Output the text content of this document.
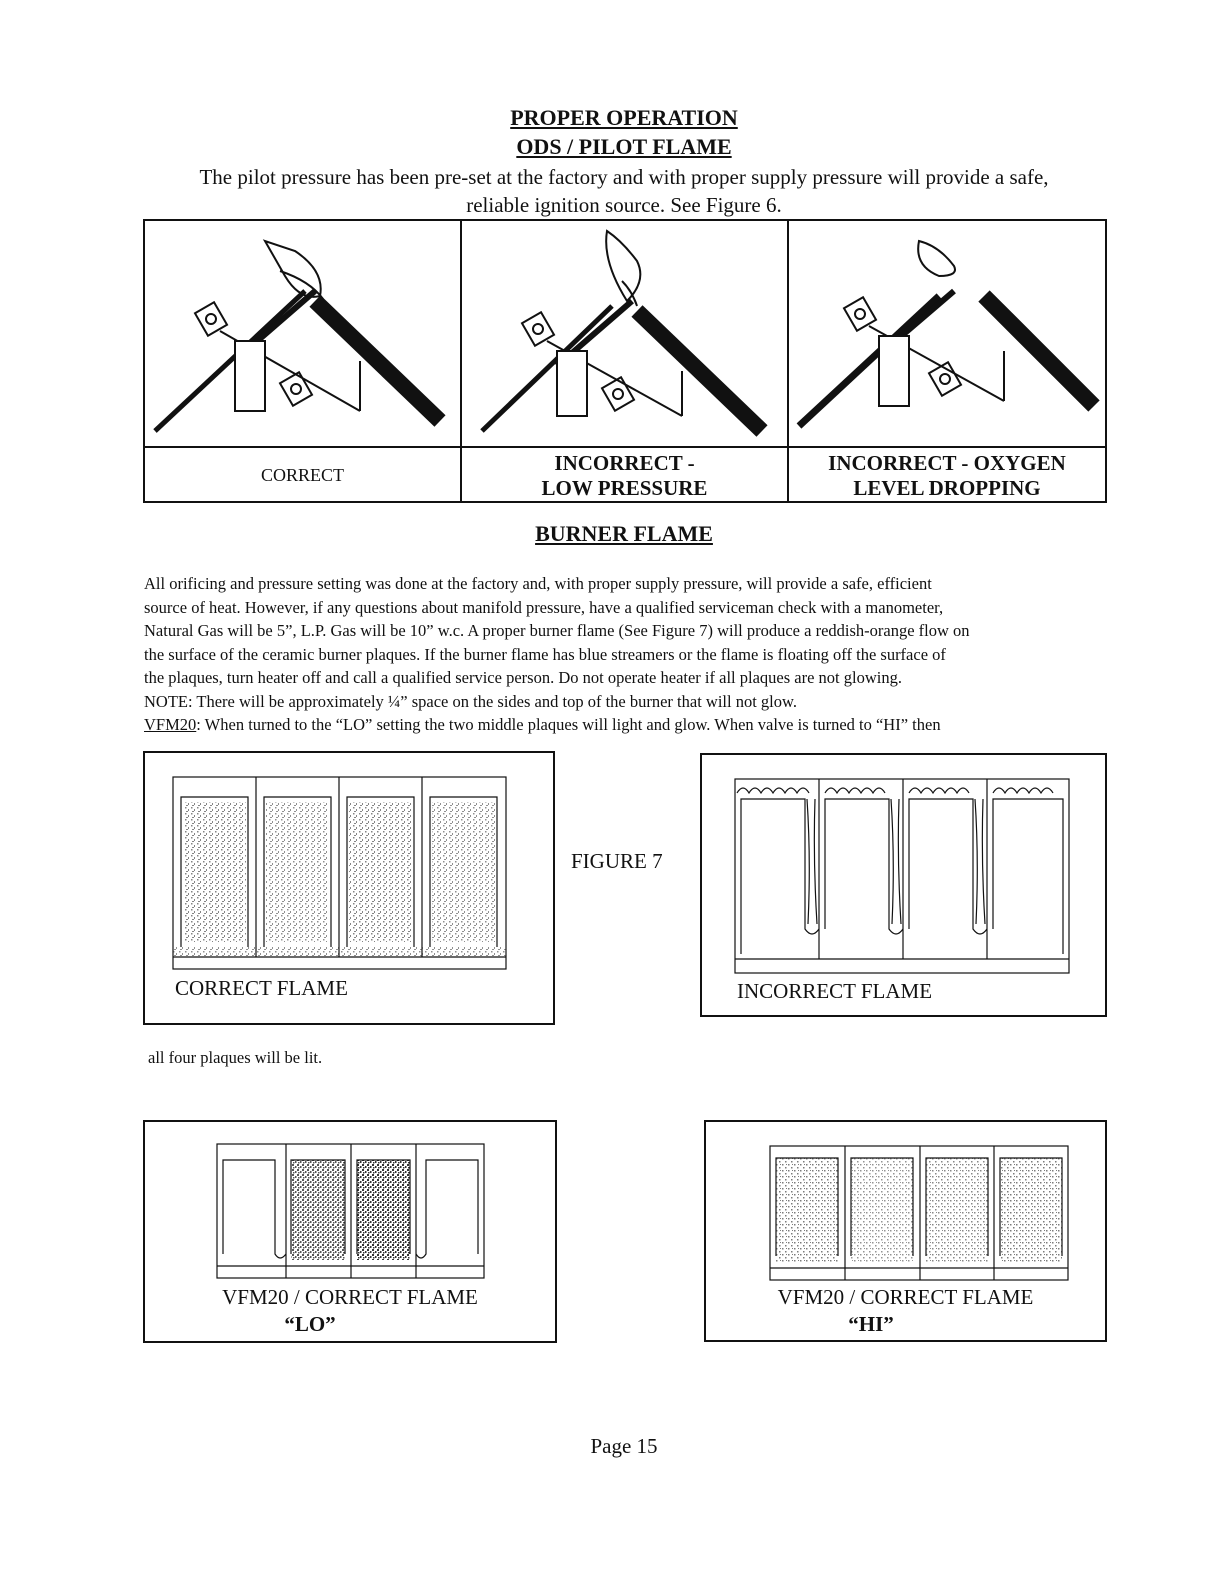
PROPER OPERATION
ODS / PILOT FLAME
The pilot pressure has been pre-set at the factory and with proper supply pressure will provide a safe,
reliable ignition source. See Figure 6.
CORRECT
INCORRECT -
LOW PRESSURE
INCORRECT - OXYGEN
LEVEL DROPPING
BURNER FLAME
All orificing and pressure setting was done at the factory and, with proper supply pressure, will provide a safe, efficient
source of heat. However, if any questions about manifold pressure, have a qualified serviceman check with a manometer,
Natural Gas will be 5”, L.P. Gas will be 10” w.c. A proper burner flame (See Figure 7) will produce a reddish-orange flow on
the surface of the ceramic burner plaques. If the burner flame has blue streamers or the flame is floating off the surface of
the plaques, turn heater off and call a qualified service person. Do not operate heater if all plaques are not glowing.
NOTE: There will be approximately ¼” space on the sides and top of the burner that will not glow.
VFM20: When turned to the “LO” setting the two middle plaques will light and glow. When valve is turned to “HI” then
CORRECT FLAME
FIGURE 7
INCORRECT FLAME
all four plaques will be lit.
VFM20 / CORRECT FLAME
“LO”
VFM20 / CORRECT FLAME
“HI”
Page 15
